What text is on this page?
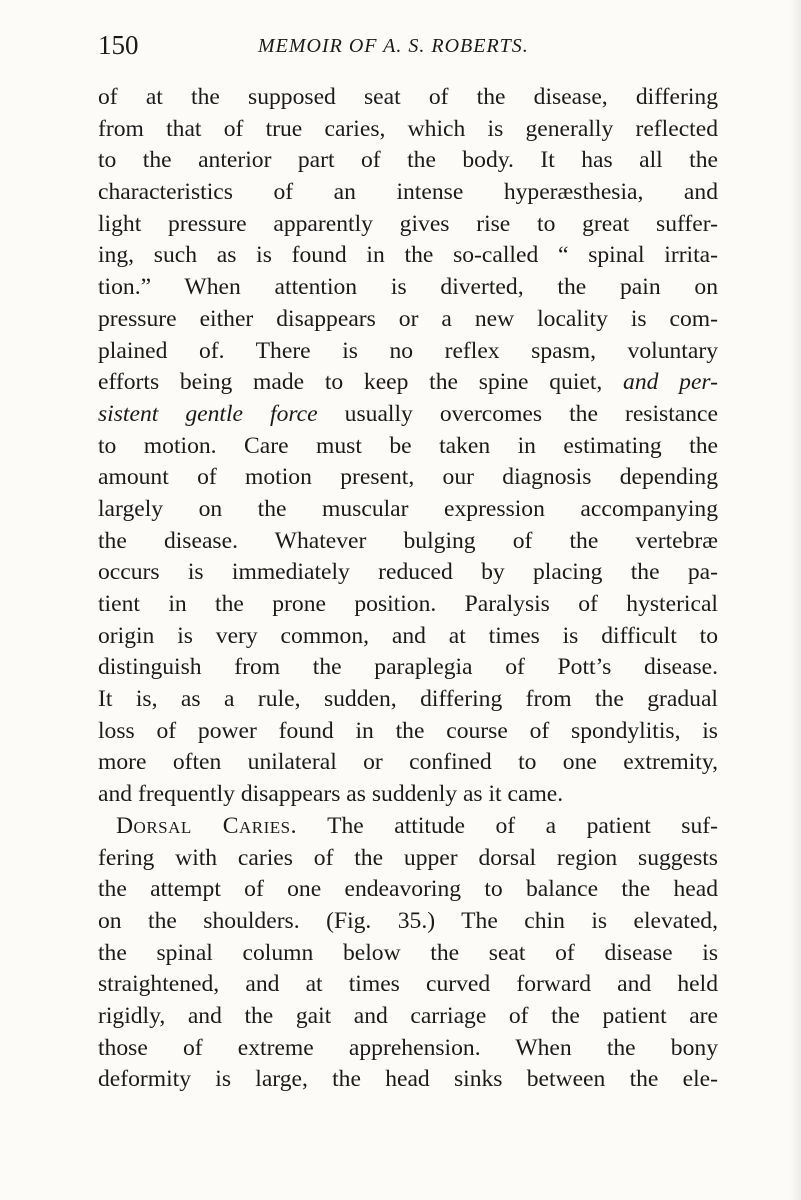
150	MEMOIR OF A. S. ROBERTS.
of at the supposed seat of the disease, differing
from that of true caries, which is generally reflected
to the anterior part of the body. It has all the
characteristics of an intense hyperæsthesia, and
light pressure apparently gives rise to great suffer-
ing, such as is found in the so-called “ spinal irrita-
tion.” When attention is diverted, the pain on
pressure either disappears or a new locality is com-
plained of. There is no reflex spasm, voluntary
efforts being made to keep the spine quiet, and per-
sistent gentle force usually overcomes the resistance
to motion. Care must be taken in estimating the
amount of motion present, our diagnosis depending
largely on the muscular expression accompanying
the disease. Whatever bulging of the vertebræ
occurs is immediately reduced by placing the pa-
tient in the prone position. Paralysis of hysterical
origin is very common, and at times is difficult to
distinguish from the paraplegia of Pott’s disease.
It is, as a rule, sudden, differing from the gradual
loss of power found in the course of spondylitis, is
more often unilateral or confined to one extremity,
and frequently disappears as suddenly as it came.
Dorsal Caries. The attitude of a patient suf-
fering with caries of the upper dorsal region suggests
the attempt of one endeavoring to balance the head
on the shoulders. (Fig. 35.) The chin is elevated,
the spinal column below the seat of disease is
straightened, and at times curved forward and held
rigidly, and the gait and carriage of the patient are
those of extreme apprehension. When the bony
deformity is large, the head sinks between the ele-
